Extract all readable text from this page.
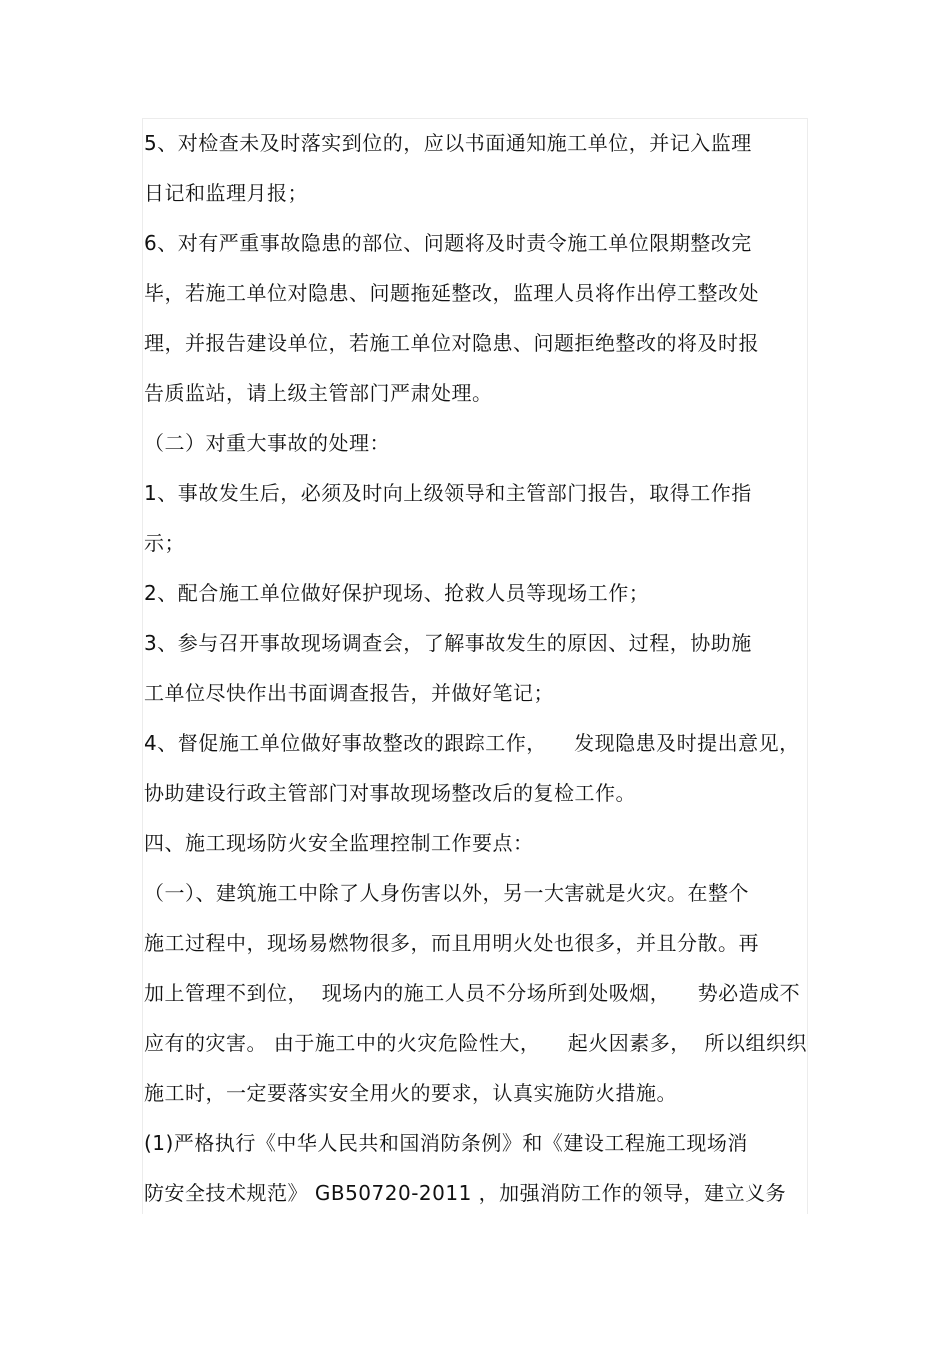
5、对检查未及时落实到位的，应以书面通知施工单位，并记入监理
日记和监理月报；
6、对有严重事故隐患的部位、问题将及时责令施工单位限期整改完
毕，若施工单位对隐患、问题拖延整改，监理人员将作出停工整改处
理，并报告建设单位，若施工单位对隐患、问题拒绝整改的将及时报
告质监站，请上级主管部门严肃处理。
（二）对重大事故的处理：
1、事故发生后，必须及时向上级领导和主管部门报告，取得工作指
示；
2、配合施工单位做好保护现场、抢救人员等现场工作；
3、参与召开事故现场调查会，了解事故发生的原因、过程，协助施
工单位尽快作出书面调查报告，并做好笔记；
4、督促施工单位做好事故整改的跟踪工作，    发现隐患及时提出意见，
协助建设行政主管部门对事故现场整改后的复检工作。
四、施工现场防火安全监理控制工作要点：
（一）、建筑施工中除了人身伤害以外，另一大害就是火灾。在整个
施工过程中，现场易燃物很多，而且用明火处也很多，并且分散。再
加上管理不到位，  现场内的施工人员不分场所到处吸烟，    势必造成不
应有的灾害。 由于施工中的火灾危险性大，    起火因素多，  所以组织织
施工时，一定要落实安全用火的要求，认真实施防火措施。
(1)严格执行《中华人民共和国消防条例》和《建设工程施工现场消
防安全技术规范》 GB50720-2011 ，加强消防工作的领导，建立义务
